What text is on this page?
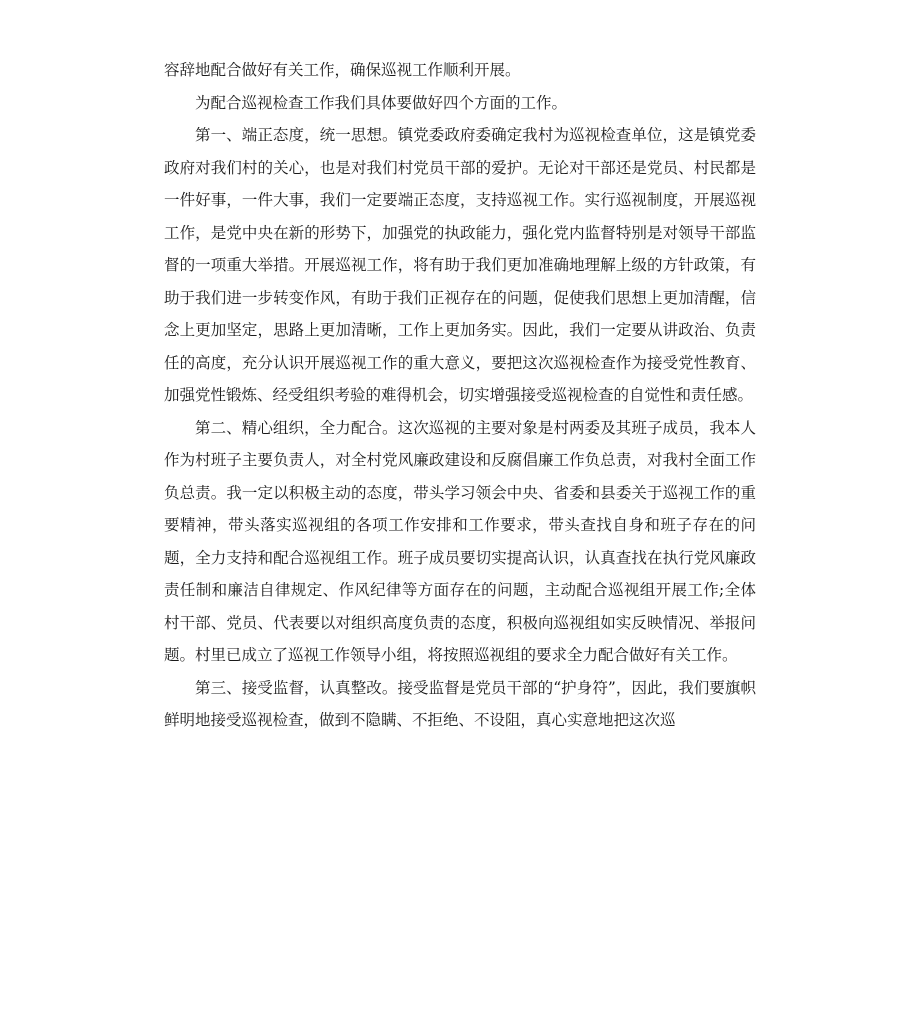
容辞地配合做好有关工作，确保巡视工作顺利开展。

为配合巡视检查工作我们具体要做好四个方面的工作。

第一、端正态度，统一思想。镇党委政府委确定我村为巡视检查单位，这是镇党委政府对我们村的关心，也是对我们村党员干部的爱护。无论对干部还是党员、村民都是一件好事，一件大事，我们一定要端正态度，支持巡视工作。实行巡视制度，开展巡视工作，是党中央在新的形势下，加强党的执政能力，强化党内监督特别是对领导干部监督的一项重大举措。开展巡视工作，将有助于我们更加准确地理解上级的方针政策，有助于我们进一步转变作风，有助于我们正视存在的问题，促使我们思想上更加清醒，信念上更加坚定，思路上更加清晰，工作上更加务实。因此，我们一定要从讲政治、负责任的高度，充分认识开展巡视工作的重大意义，要把这次巡视检查作为接受党性教育、加强党性锻炼、经受组织考验的难得机会，切实增强接受巡视检查的自觉性和责任感。

第二、精心组织，全力配合。这次巡视的主要对象是村两委及其班子成员，我本人作为村班子主要负责人，对全村党风廉政建设和反腐倡廉工作负总责，对我村全面工作负总责。我一定以积极主动的态度，带头学习领会中央、省委和县委关于巡视工作的重要精神，带头落实巡视组的各项工作安排和工作要求，带头查找自身和班子存在的问题，全力支持和配合巡视组工作。班子成员要切实提高认识，认真查找在执行党风廉政责任制和廉洁自律规定、作风纪律等方面存在的问题，主动配合巡视组开展工作;全体村干部、党员、代表要以对组织高度负责的态度，积极向巡视组如实反映情况、举报问题。村里已成立了巡视工作领导小组，将按照巡视组的要求全力配合做好有关工作。

第三、接受监督，认真整改。接受监督是党员干部的“护身符”，因此，我们要旗帜鲜明地接受巡视检查，做到不隐瞒、不拒绝、不设阻，真心实意地把这次巡
